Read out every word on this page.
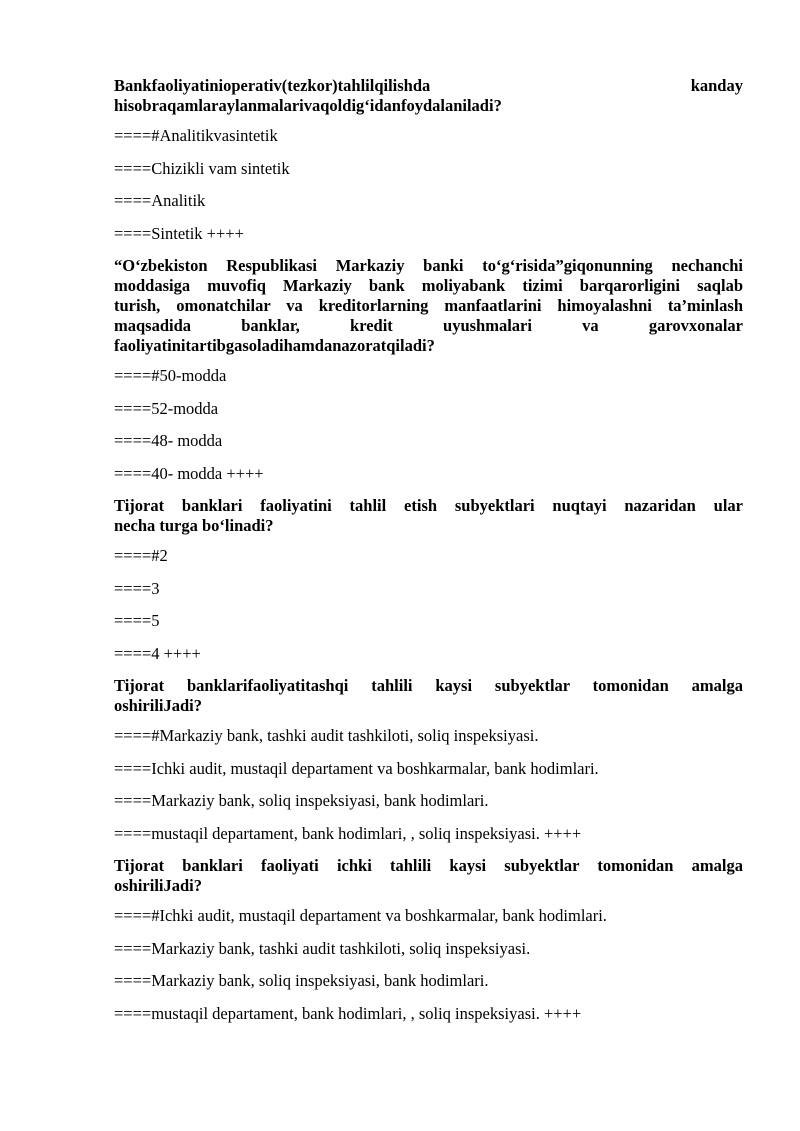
Bankfaoliyatinioperativ(tezkor)tahlilqilishda kanday
hisobraqamlaraylanmalarivaqoldig‘idanfoydalaniladi?
====#Analitikvasintetik
====Chizikli vam sintetik
====Analitik
====Sintetik ++++
“O‘zbekiston Respublikasi Markaziy banki to‘g‘risida”giqonunning nechanchi
moddasiga muvofiq Markaziy bank moliyabank tizimi barqarorligini saqlab
turish, omonatchilar va kreditorlarning manfaatlarini himoyalashni ta’minlash
maqsadida banklar, kredit uyushmalari va garovxonalar
faoliyatinitartibgasoladihamdanazoratqiladi?
====#50-modda
====52-modda
====48- modda
====40- modda ++++
Tijorat banklari faoliyatini tahlil etish subyektlari nuqtayi nazaridan ular
necha turga bo‘linadi?
====#2
====3
====5
====4 ++++
Tijorat banklarifaoliyatitashqi tahlili kaysi subyektlar tomonidan amalga
oshiriliJadi?
====#Markaziy bank, tashki audit tashkiloti, soliq inspeksiyasi.
====Ichki audit, mustaqil departament va boshkarmalar, bank hodimlari.
====Markaziy bank, soliq inspeksiyasi, bank hodimlari.
====mustaqil departament, bank hodimlari, , soliq inspeksiyasi. ++++
Tijorat banklari faoliyati ichki tahlili kaysi subyektlar tomonidan amalga
oshiriliJadi?
====#Ichki audit, mustaqil departament va boshkarmalar, bank hodimlari.
====Markaziy bank, tashki audit tashkiloti, soliq inspeksiyasi.
====Markaziy bank, soliq inspeksiyasi, bank hodimlari.
====mustaqil departament, bank hodimlari, , soliq inspeksiyasi. ++++
